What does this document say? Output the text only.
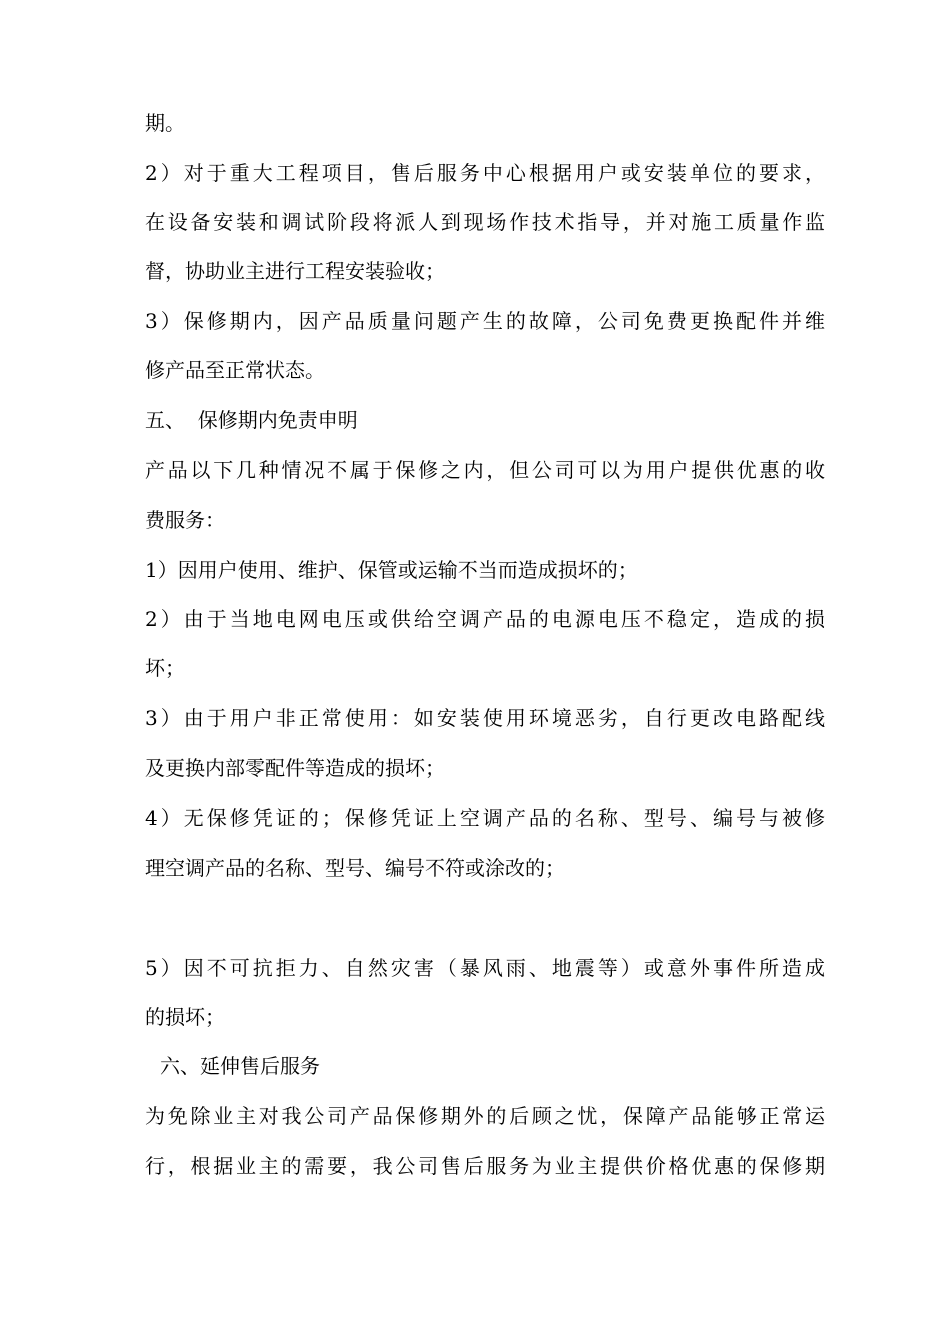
期。
2）对于重大工程项目，售后服务中心根据用户或安装单位的要求，
在设备安装和调试阶段将派人到现场作技术指导，并对施工质量作监
督，协助业主进行工程安装验收；
3）保修期内，因产品质量问题产生的故障，公司免费更换配件并维
修产品至正常状态。
五、  保修期内免责申明
产品以下几种情况不属于保修之内，但公司可以为用户提供优惠的收
费服务：
1）因用户使用、维护、保管或运输不当而造成损坏的；
2）由于当地电网电压或供给空调产品的电源电压不稳定，造成的损
坏；
3）由于用户非正常使用：如安装使用环境恶劣，自行更改电路配线
及更换内部零配件等造成的损坏；
4）无保修凭证的；保修凭证上空调产品的名称、型号、编号与被修
理空调产品的名称、型号、编号不符或涂改的；
5）因不可抗拒力、自然灾害（暴风雨、地震等）或意外事件所造成
的损坏；
六、延伸售后服务
为免除业主对我公司产品保修期外的后顾之忧，保障产品能够正常运
行，根据业主的需要，我公司售后服务为业主提供价格优惠的保修期
